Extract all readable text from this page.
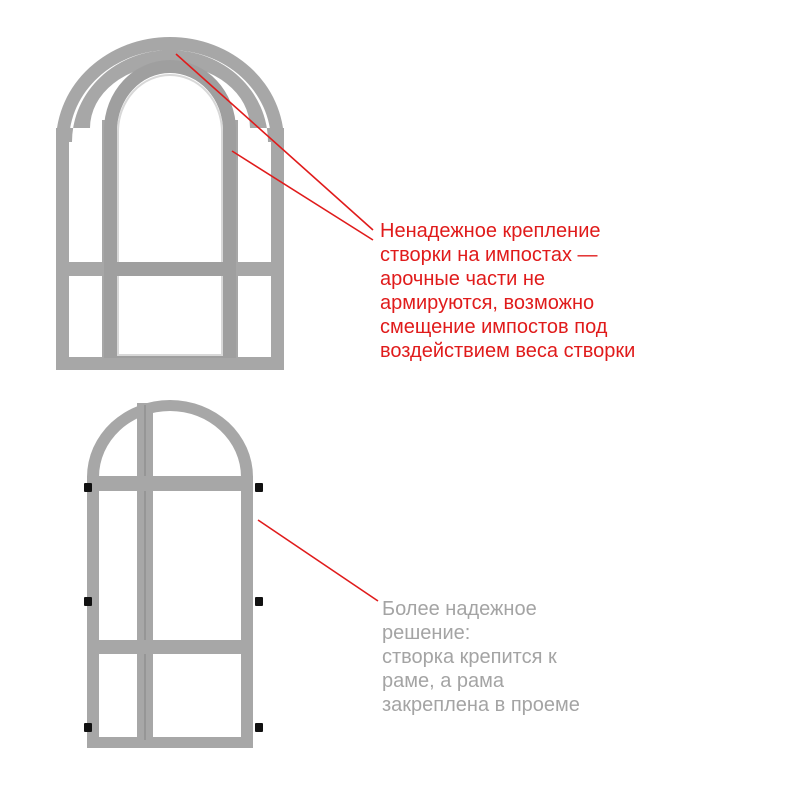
Ненадежное крепление
створки на импостах —
арочные части не
армируются, возможно
смещение импостов под
воздействием веса створки
Более надежное
решение:
створка крепится к
раме, а рама
закреплена в проеме
